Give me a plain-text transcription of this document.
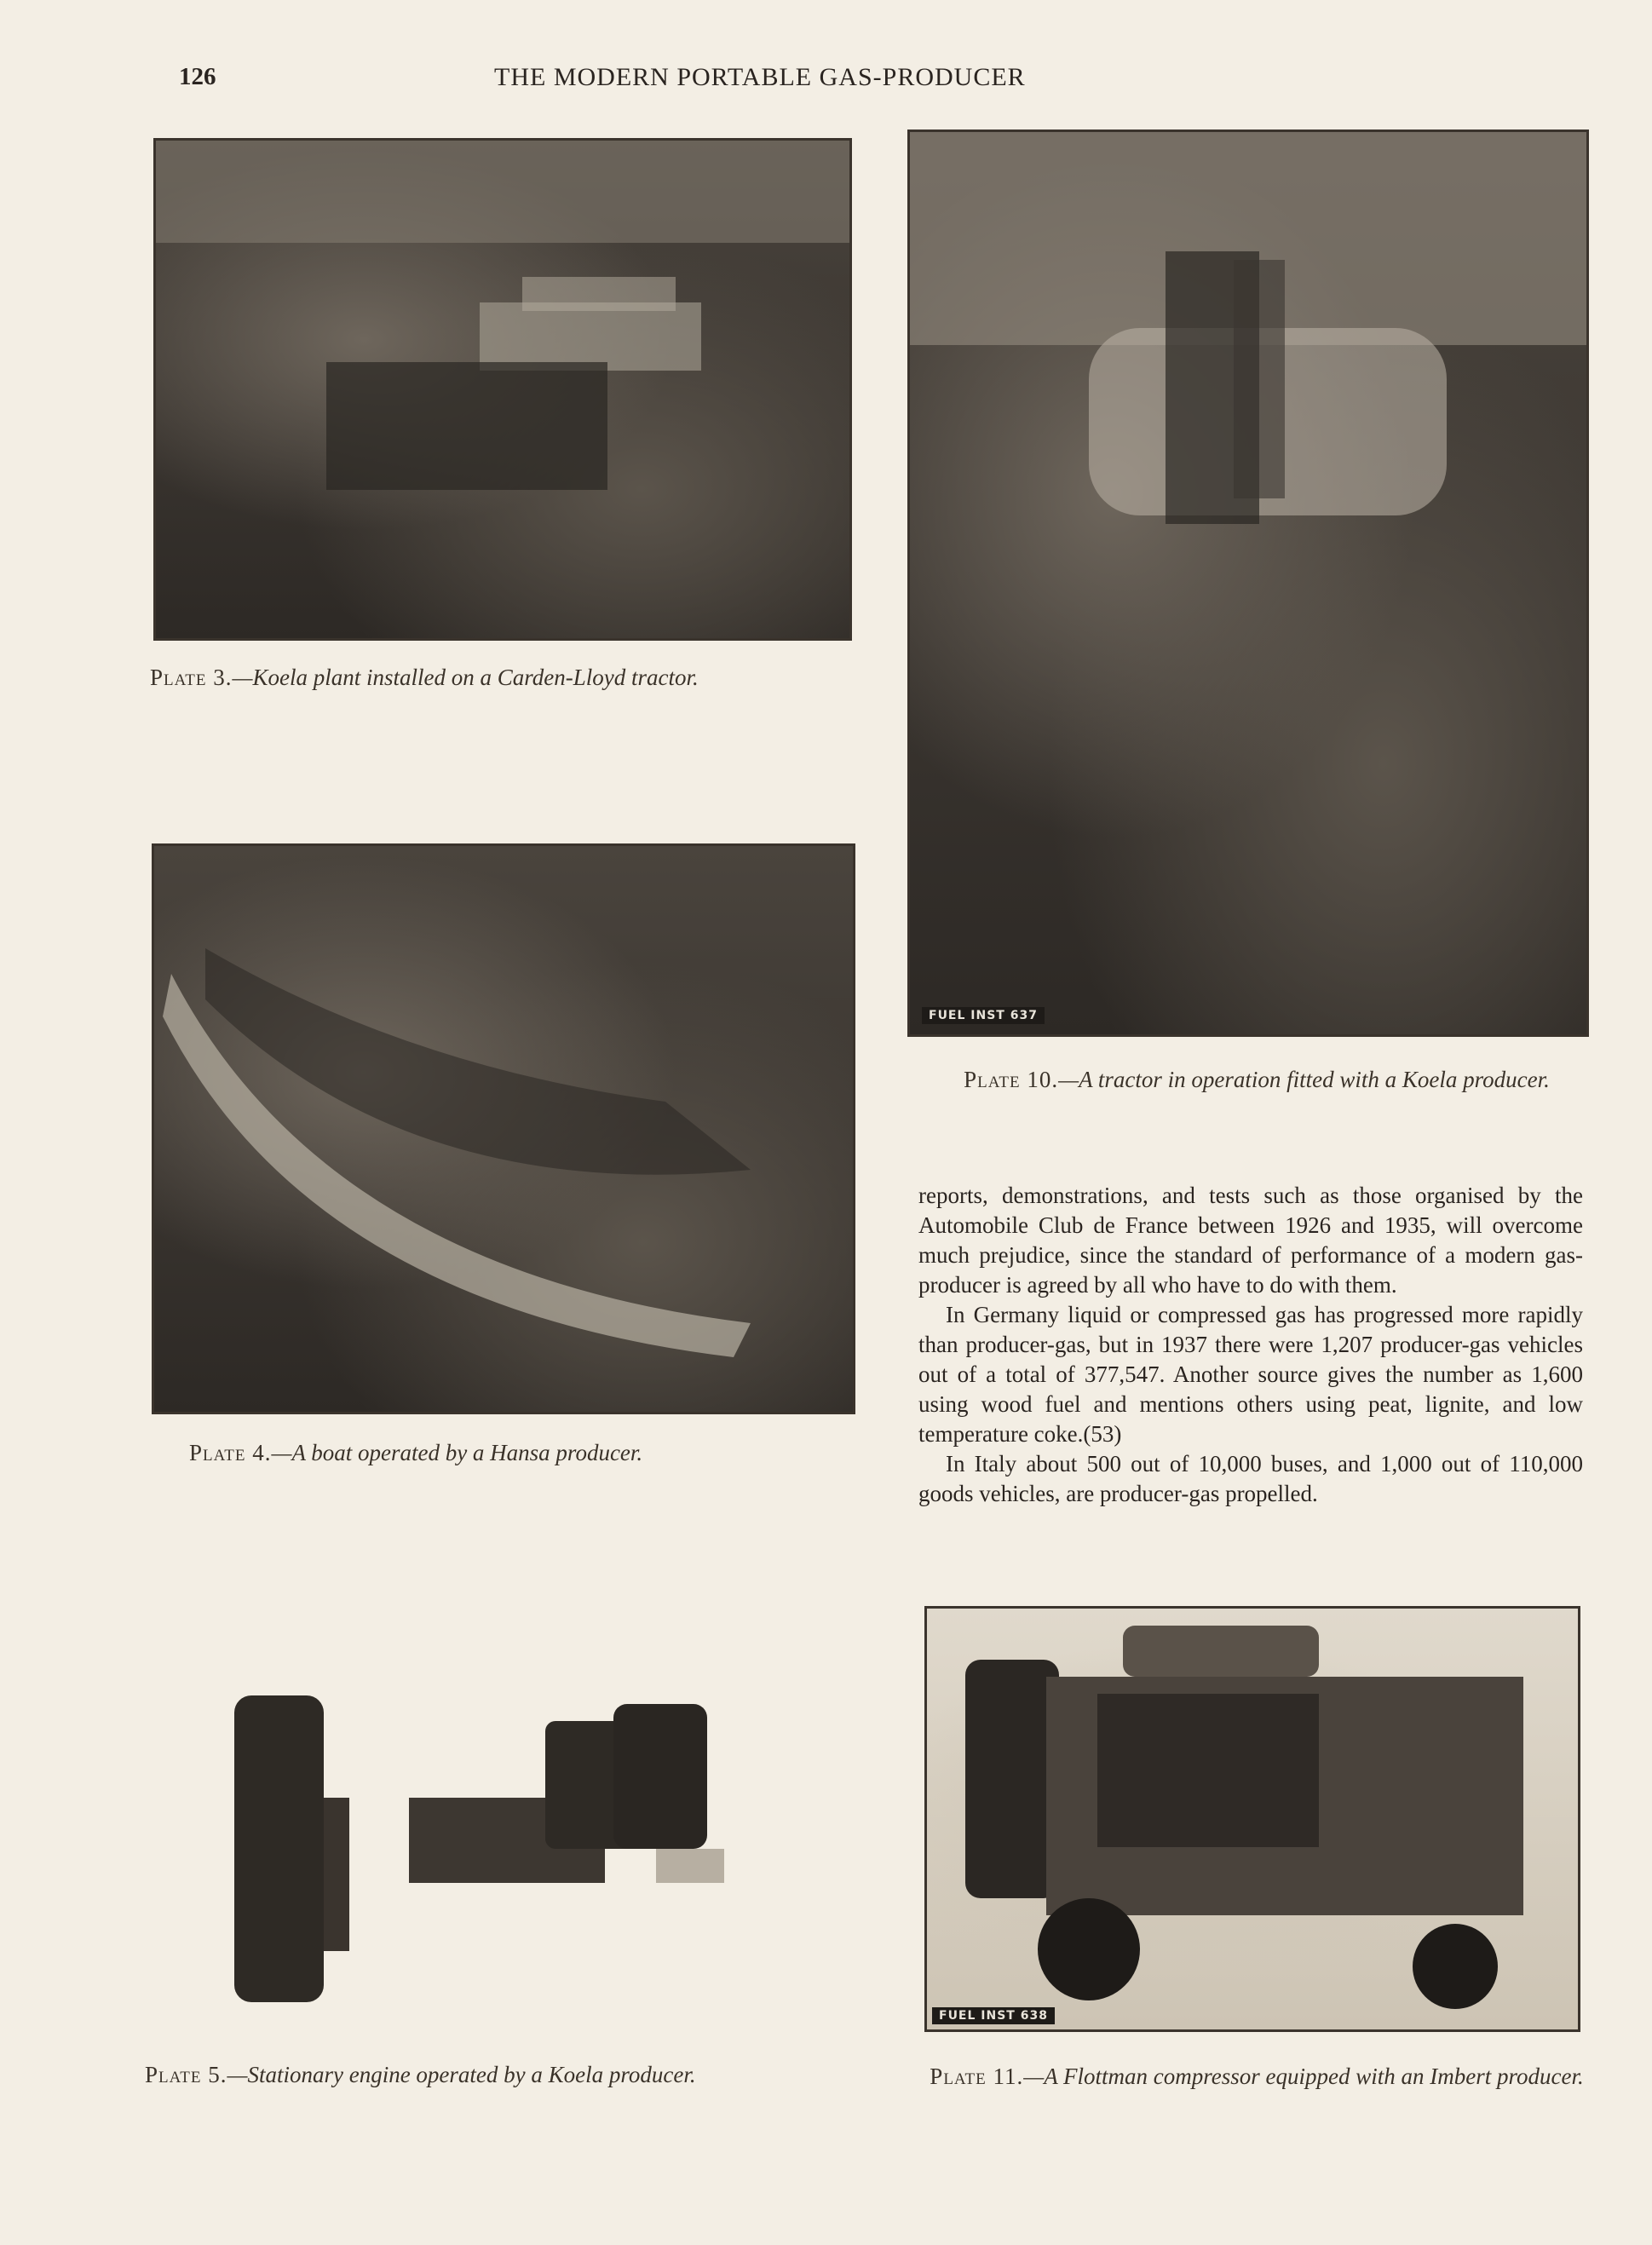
126	THE MODERN PORTABLE GAS-PRODUCER
Plate 3.—Koela plant installed on a Carden-Lloyd tractor.
FUEL INST 637
Plate 10.—A tractor in operation fitted with a Koela producer.
Plate 4.—A boat operated by a Hansa producer.

reports, demonstrations, and tests such as those organised by the Automobile Club de France between 1926 and 1935, will overcome much prejudice, since the standard of performance of a modern gas-producer is agreed by all who have to do with them.

In Germany liquid or compressed gas has progressed more rapidly than producer-gas, but in 1937 there were 1,207 producer-gas vehicles out of a total of 377,547. Another source gives the number as 1,600 using wood fuel and mentions others using peat, lignite, and low temperature coke.(53)

In Italy about 500 out of 10,000 buses, and 1,000 out of 110,000 goods vehicles, are producer-gas propelled.

Plate 5.—Stationary engine operated by a Koela producer.
FUEL INST 638
Plate 11.—A Flottman compressor equipped with an Imbert producer.
